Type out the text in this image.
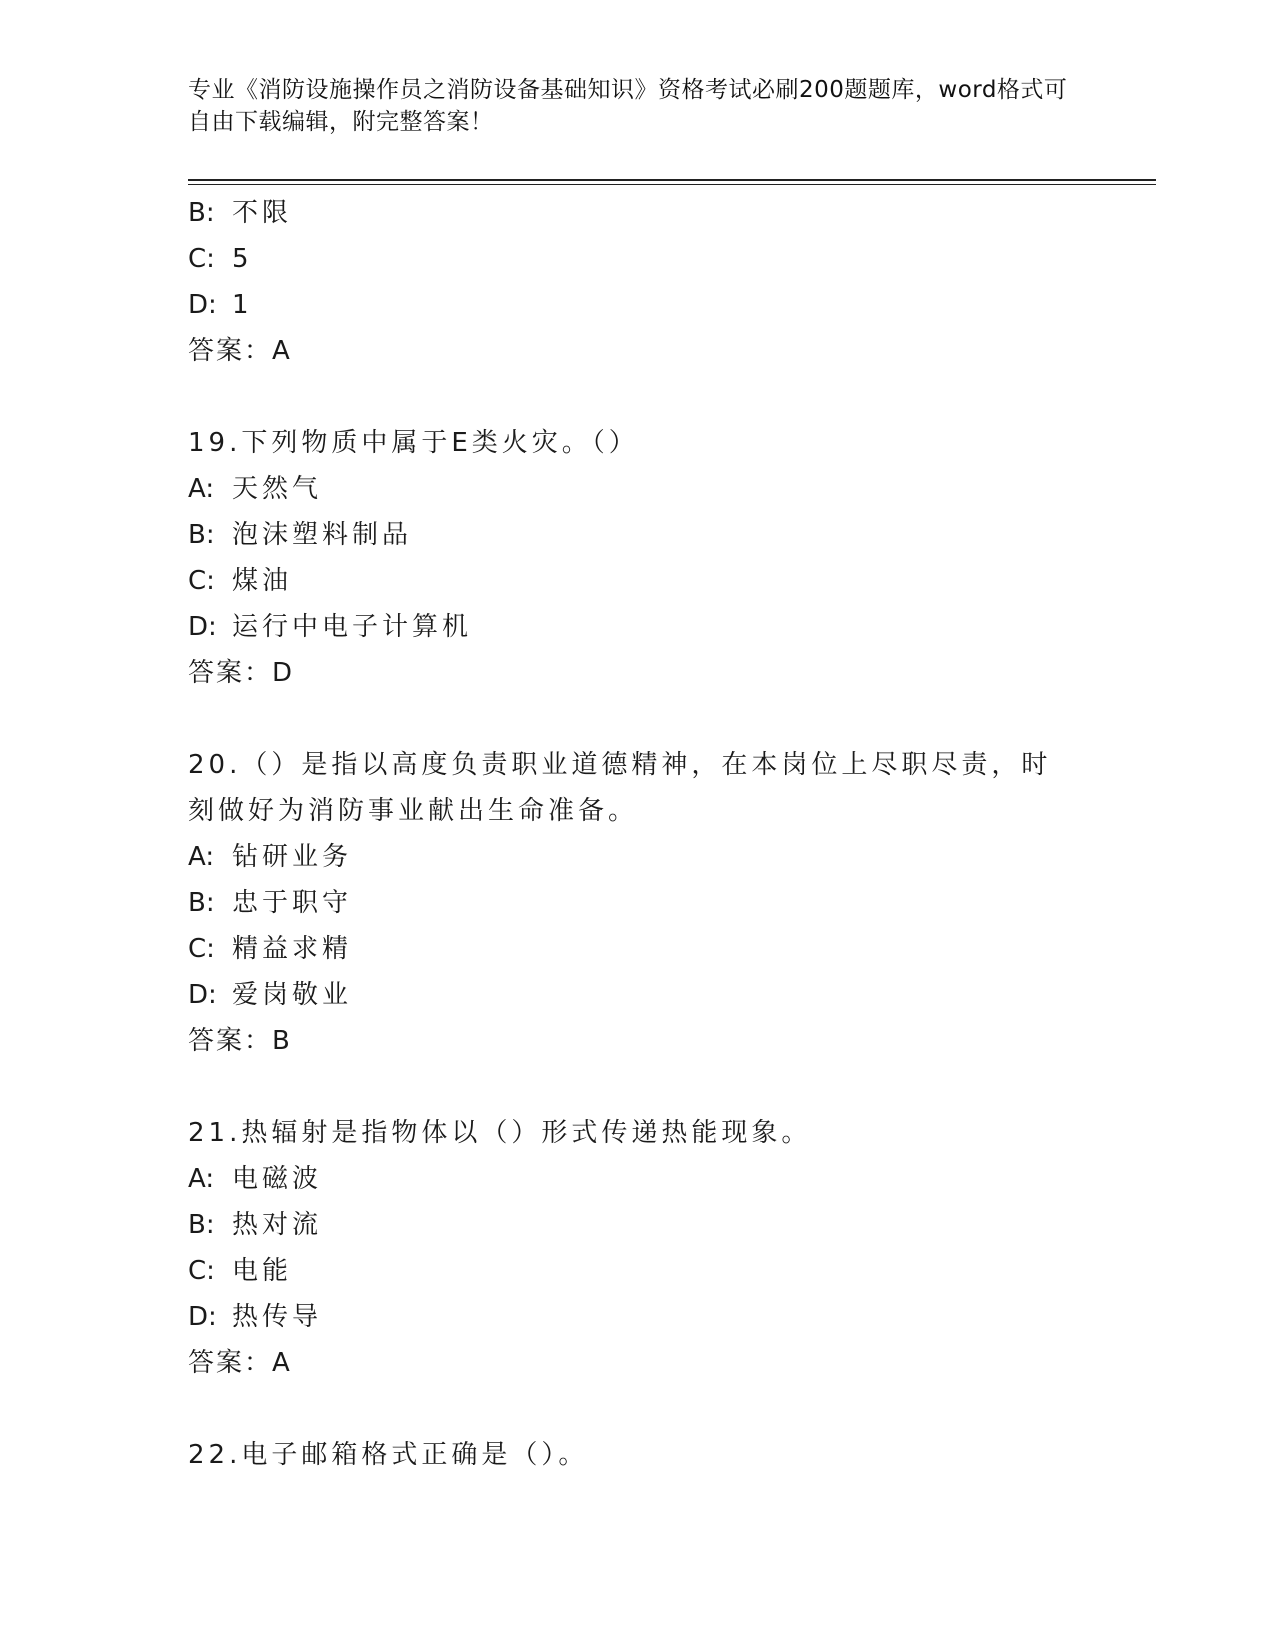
专业《消防设施操作员之消防设备基础知识》资格考试必刷200题题库，word格式可自由下载编辑，附完整答案！
B: 不限
C: 5
D: 1
答案：A
19.下列物质中属于E类火灾。（）
A: 天然气
B: 泡沫塑料制品
C: 煤油
D: 运行中电子计算机
答案：D
20.（）是指以高度负责职业道德精神，在本岗位上尽职尽责，时刻做好为消防事业献出生命准备。
A: 钻研业务
B: 忠于职守
C: 精益求精
D: 爱岗敬业
答案：B
21.热辐射是指物体以（）形式传递热能现象。
A: 电磁波
B: 热对流
C: 电能
D: 热传导
答案：A
22.电子邮箱格式正确是（）。
